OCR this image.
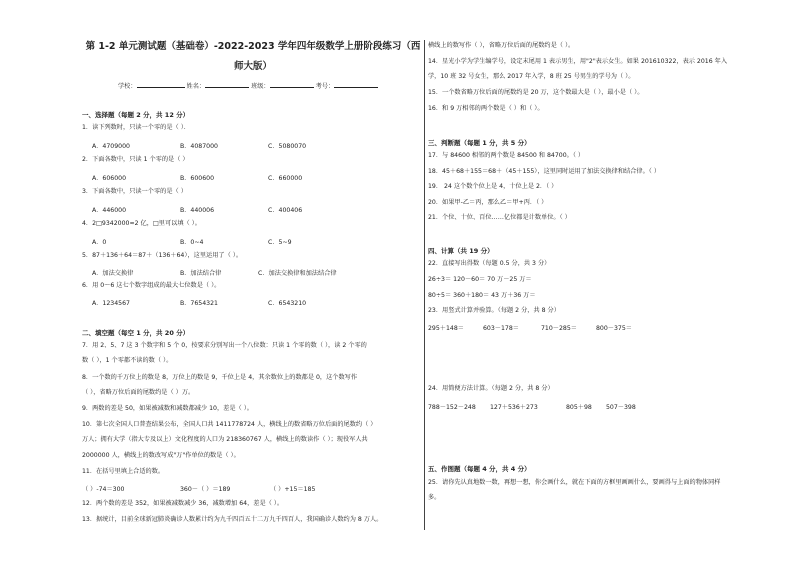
第 1-2 单元测试题（基础卷）-2022-2023 学年四年级数学上册阶段练习（西
师大版）
学校：	姓名：	班级：	考号：
一、选择题（每题 2 分，共 12 分）
1．读下列数时，只读一个零的是（ ）．
A．4709000	B．4087000	C．5080070
2．下面各数中，只读 1 个零的是（ ）
A．606000	B．600600	C．660000
3．下面各数中，只读一个零的是（ ）
A．446000	B．440006	C．400406
4．2□9342000≈2 亿，□里可以填（ ）。
A．0	B．0~4	C．5~9
5．87＋136＋64＝87＋（136＋64），这里运用了（ ）。
A．加法交换律	B．加法结合律	C．加法交换律和加法结合律
6．用 0～6 这七个数字组成的最大七位数是（ ）。
A．1234567	B．7654321	C．6543210
二、填空题（每空 1 分，共 20 分）
7．用 2、5、7 这 3 个数字和 5 个 0，按要求分别写出一个八位数：只读 1 个零的数（ ），读 2 个零的
数（ ），1 个零都不读的数（ ）。
8．一个数的千万位上的数是 8，万位上的数是 9，千位上是 4，其余数位上的数都是 0，这个数写作
（ ），省略万位后面的尾数约是（ ）万。
9．两数的差是 50，如果被减数和减数都减少 10，差是（ ）。
10．第七次全国人口普查结果公布，全国人口共 1411778724 人，横线上的数省略万位后面的尾数约（ ）
万人；拥有大学（指大专及以上）文化程度的人口为 218360767 人，横线上的数读作（ ）；现役军人共
2000000 人，横线上的数改写成"万"作单位的数是（ ）。
11．在括号里填上合适的数。
（ ）-74＝300	360－（ ）＝189	（ ）+15＝185
12．两个数的差是 352，如果被减数减少 36，减数增加 64，差是（ ）。
13．据统计，目前全球新冠肺炎确诊人数累计约为九千四百五十二万九千四百人，我国确诊人数约为 8 万人。
横线上的数写作（ ），省略万位后面的尾数约是（ ）。
14．星光小学为学生编学号，设定末尾用 1 表示男生，用"2"表示女生。如果 201610322，表示 2016 年入
学，10 班 32 号女生，那么 2017 年入学，8 班 25 号男生的学号为（ ）。
15．一个数省略万位后面的尾数约是 20 万，这个数最大是（ ），最小是（ ）。
16．和 9 万相邻的两个数是（ ）和（ ）。
三、判断题（每题 1 分，共 5 分）
17．与 84600 相邻的两个数是 84500 和 84700。（ ）
18．45＋68＋155＝68＋（45＋155），这里同时运用了加法交换律和结合律。（ ）
19． 24 这个数个位上是 4，十位上是 2．（ ）
20．如果甲-乙＝丙，那么乙＝甲+丙．（ ）
21．个位、十位、百位……亿位都是计数单位。（ ）
四、计算（共 19 分）
22．直接写出得数（每题 0.5 分，共 3 分）
26÷3＝ 120－60＝ 70 万－25 万＝
80÷5＝ 360＋180＝ 43 万＋36 万＝
23．用竖式计算并验算。（每题 2 分，共 8 分）
295＋148＝	603－178＝	710－285＝	800－375＝
24．用简便方法计算。（每题 2 分，共 8 分）
788－152－248 127＋536＋273	805＋98 507－398
五、作图题（每题 4 分，共 4 分）
25．请你先认真地数一数，再想一想，你会画什么，就在下面的方框里画画什么，要画得与上面的物体同样
多。
